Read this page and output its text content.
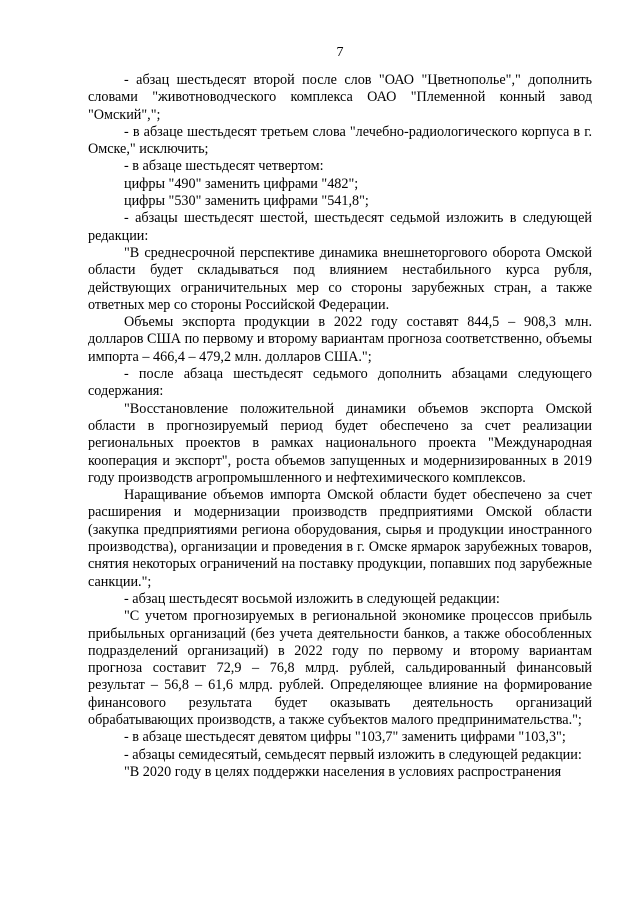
7

- абзац шестьдесят второй после слов "ОАО "Цветнополье"," дополнить словами "животноводческого комплекса ОАО "Племенной конный завод "Омский",";

- в абзаце шестьдесят третьем слова "лечебно-радиологического корпуса в г. Омске," исключить;

- в абзаце шестьдесят четвертом:

цифры "490" заменить цифрами "482";

цифры "530" заменить цифрами "541,8";

- абзацы шестьдесят шестой, шестьдесят седьмой изложить в следующей редакции:

"В среднесрочной перспективе динамика внешнеторгового оборота Омской области будет складываться под влиянием нестабильного курса рубля, действующих ограничительных мер со стороны зарубежных стран, а также ответных мер со стороны Российской Федерации.

Объемы экспорта продукции в 2022 году составят 844,5 – 908,3 млн. долларов США по первому и второму вариантам прогноза соответственно, объемы импорта – 466,4 – 479,2 млн. долларов США.";

- после абзаца шестьдесят седьмого дополнить абзацами следующего содержания:

"Восстановление положительной динамики объемов экспорта Омской области в прогнозируемый период будет обеспечено за счет реализации региональных проектов в рамках национального проекта "Международная кооперация и экспорт", роста объемов запущенных и модернизированных в 2019 году производств агропромышленного и нефтехимического комплексов.

Наращивание объемов импорта Омской области будет обеспечено за счет расширения и модернизации производств предприятиями Омской области (закупка предприятиями региона оборудования, сырья и продукции иностранного производства), организации и проведения в г. Омске ярмарок зарубежных товаров, снятия некоторых ограничений на поставку продукции, попавших под зарубежные санкции.";

- абзац шестьдесят восьмой изложить в следующей редакции:

"С учетом прогнозируемых в региональной экономике процессов прибыль прибыльных организаций (без учета деятельности банков, а также обособленных подразделений организаций) в 2022 году по первому и второму вариантам прогноза составит 72,9 – 76,8 млрд. рублей, сальдированный финансовый результат – 56,8 – 61,6 млрд. рублей. Определяющее влияние на формирование финансового результата будет оказывать деятельность организаций обрабатывающих производств, а также субъектов малого предпринимательства.";

- в абзаце шестьдесят девятом цифры "103,7" заменить цифрами "103,3";

- абзацы семидесятый, семьдесят первый изложить в следующей редакции:

"В 2020 году в целях поддержки населения в условиях распространения
